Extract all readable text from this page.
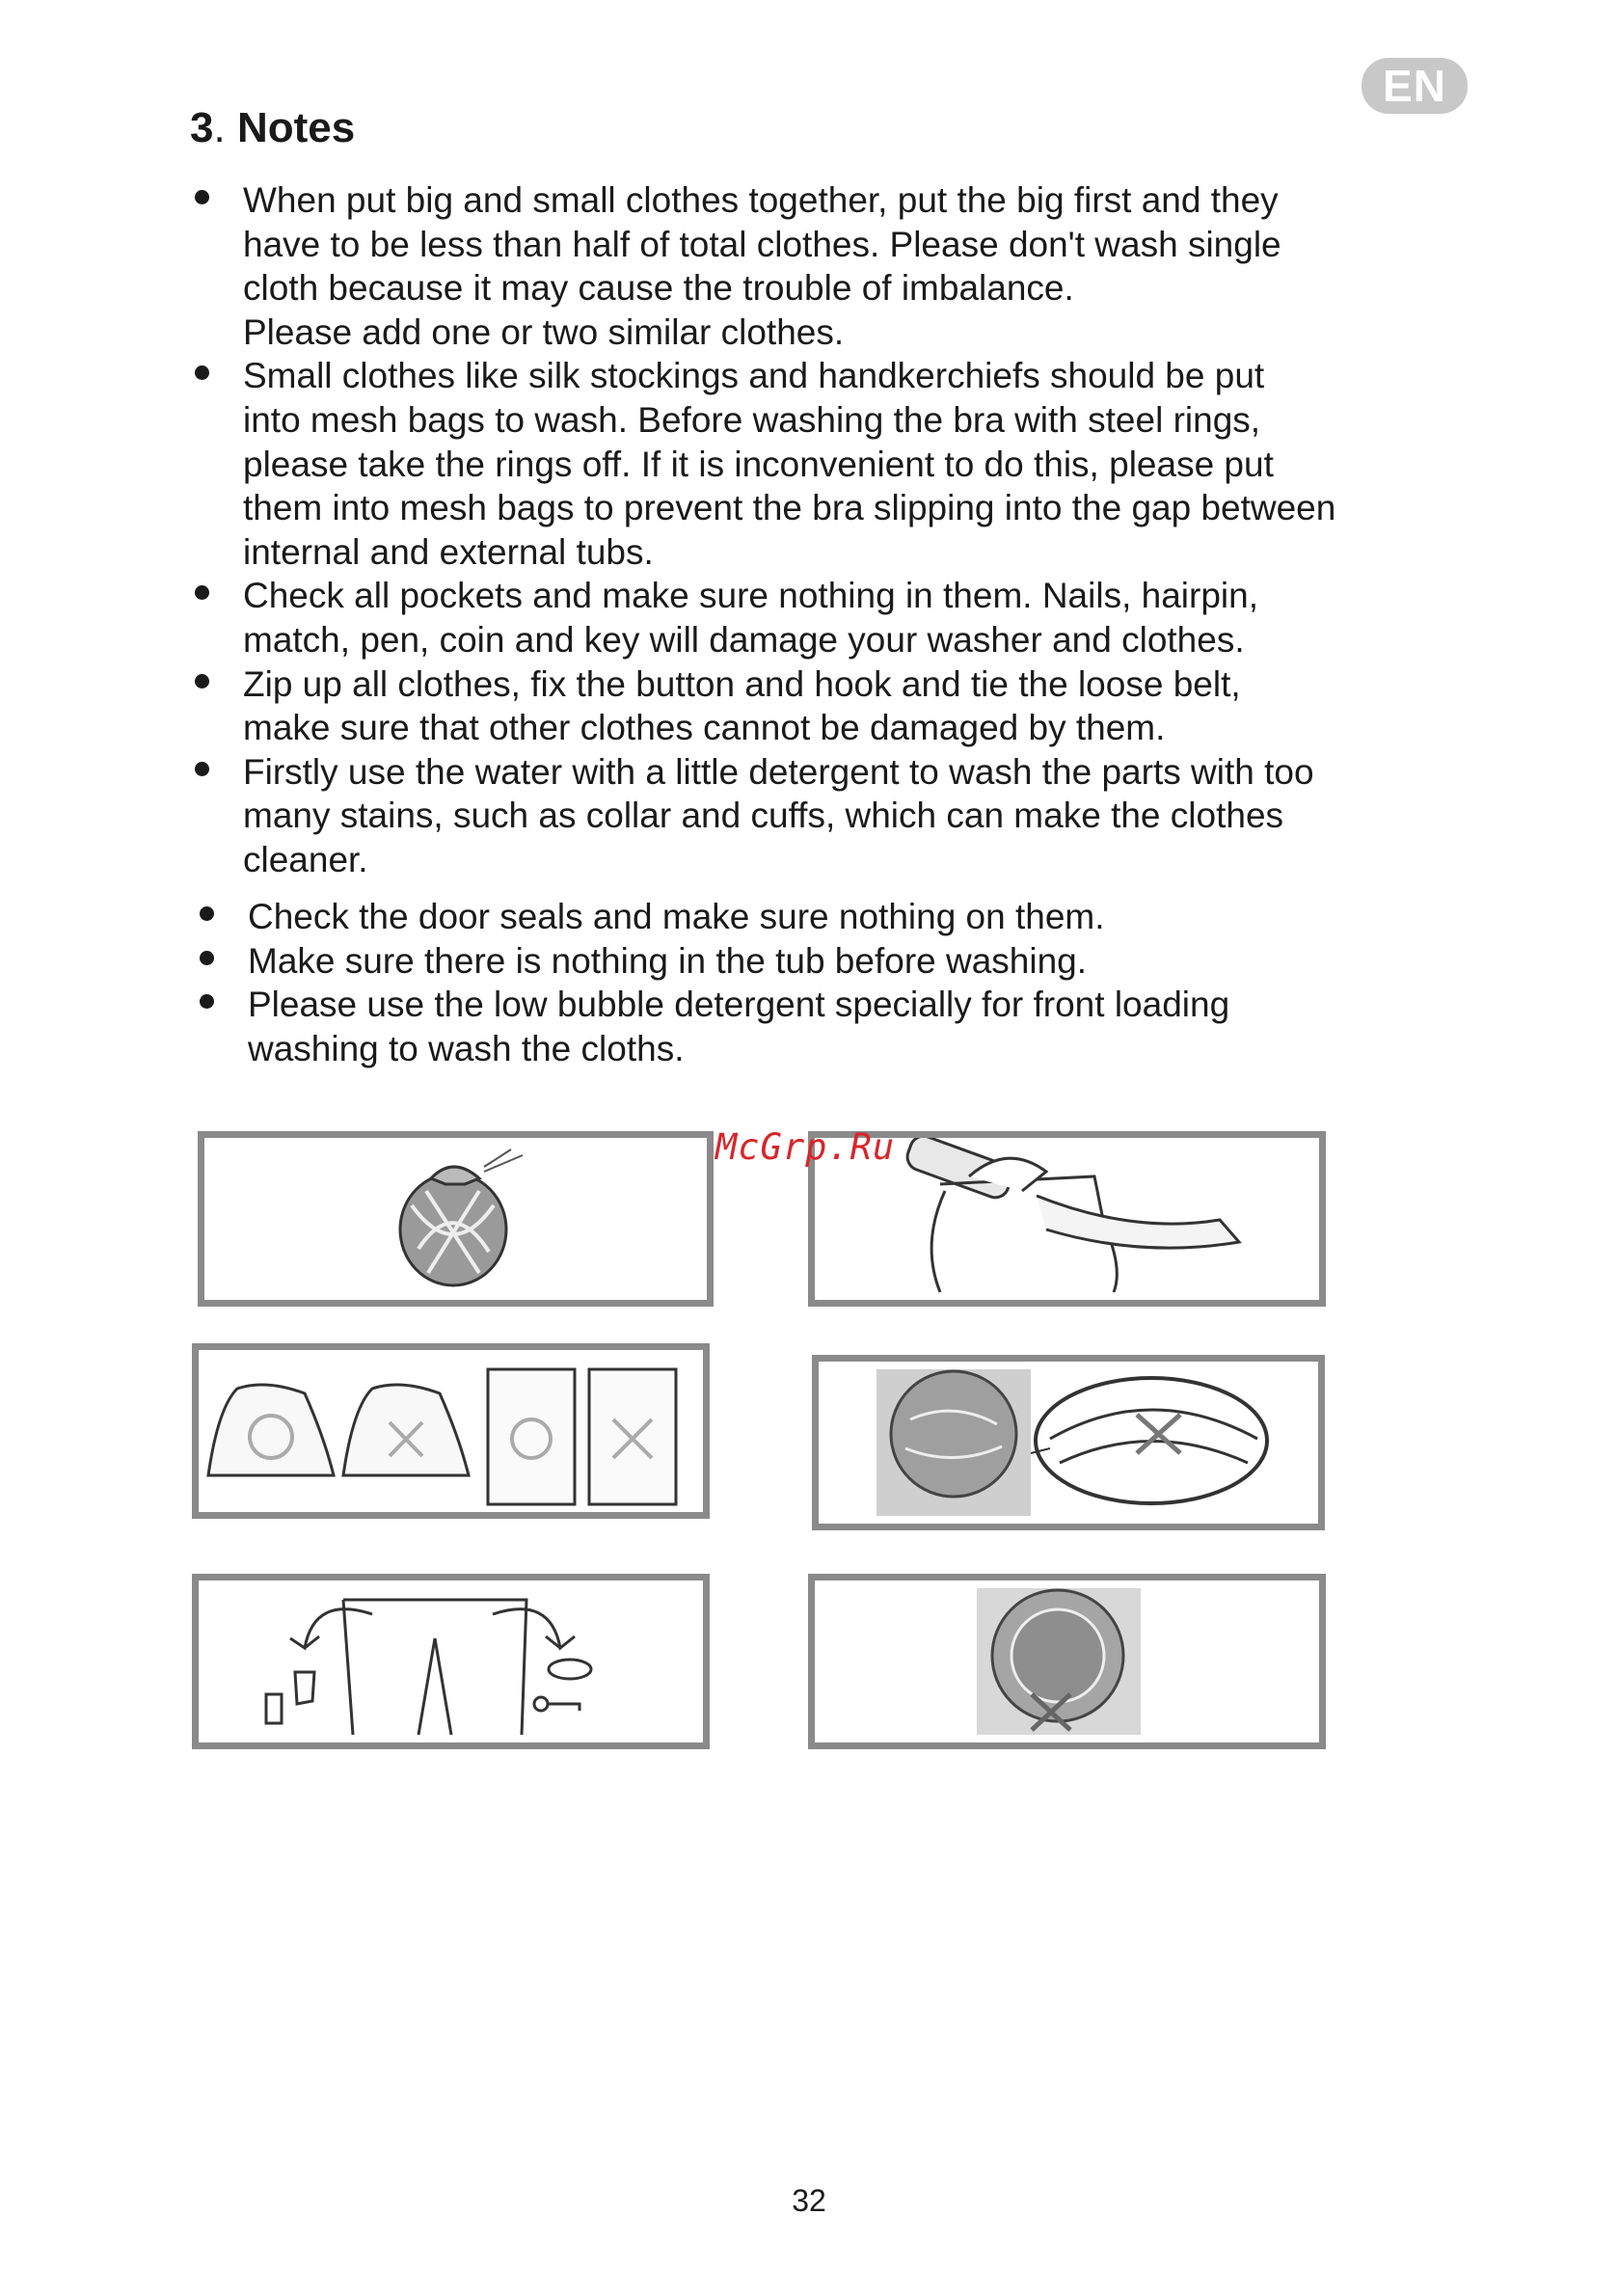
EN
3. Notes
When put big and small clothes together, put the big first and they
have to be less than half of total clothes. Please don't wash single
cloth because it may cause the trouble of imbalance.
Please add one or two similar clothes.
Small clothes like silk stockings and handkerchiefs should be put
into mesh bags to wash. Before washing the bra with steel rings,
please take the rings off. If it is inconvenient to do this, please put
them into mesh bags to prevent the bra slipping into the gap between
internal and external tubs.
Check all pockets and make sure nothing in them. Nails, hairpin,
match, pen, coin and key will damage your washer and clothes.
Zip up all clothes, fix the button and hook and tie the loose belt,
make sure that other clothes cannot be damaged by them.
Firstly use the water with a little detergent to wash the parts with too
many stains, such as collar and cuffs, which can make the clothes
cleaner.
Check the door seals and make sure nothing on them.
Make sure there is nothing in the tub before washing.
Please use the low bubble detergent specially for front loading
washing to wash the cloths.
McGrp.Ru
32
